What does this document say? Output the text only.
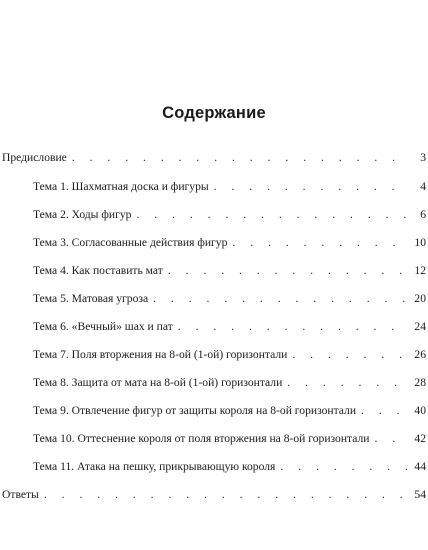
Содержание
Предисловие . . .	3
Тема 1. Шахматная доска и фигуры . . .	4
Тема 2. Ходы фигур . . .	6
Тема 3. Согласованные действия фигур . . .	10
Тема 4. Как поставить мат . . .	12
Тема 5. Матовая угроза . . .	20
Тема 6. «Вечный» шах и пат . . .	24
Тема 7. Поля вторжения на 8-ой (1-ой) горизонтали . . .	26
Тема 8. Защита от мата на 8-ой (1-ой) горизонтали . . .	28
Тема 9. Отвлечение фигур от защиты короля на 8-ой горизонтали . . .	40
Тема 10. Оттеснение короля от поля вторжения на 8-ой горизонтали . . .	42
Тема 11. Атака на пешку, прикрывающую короля . . .	44
Ответы . . .	54
